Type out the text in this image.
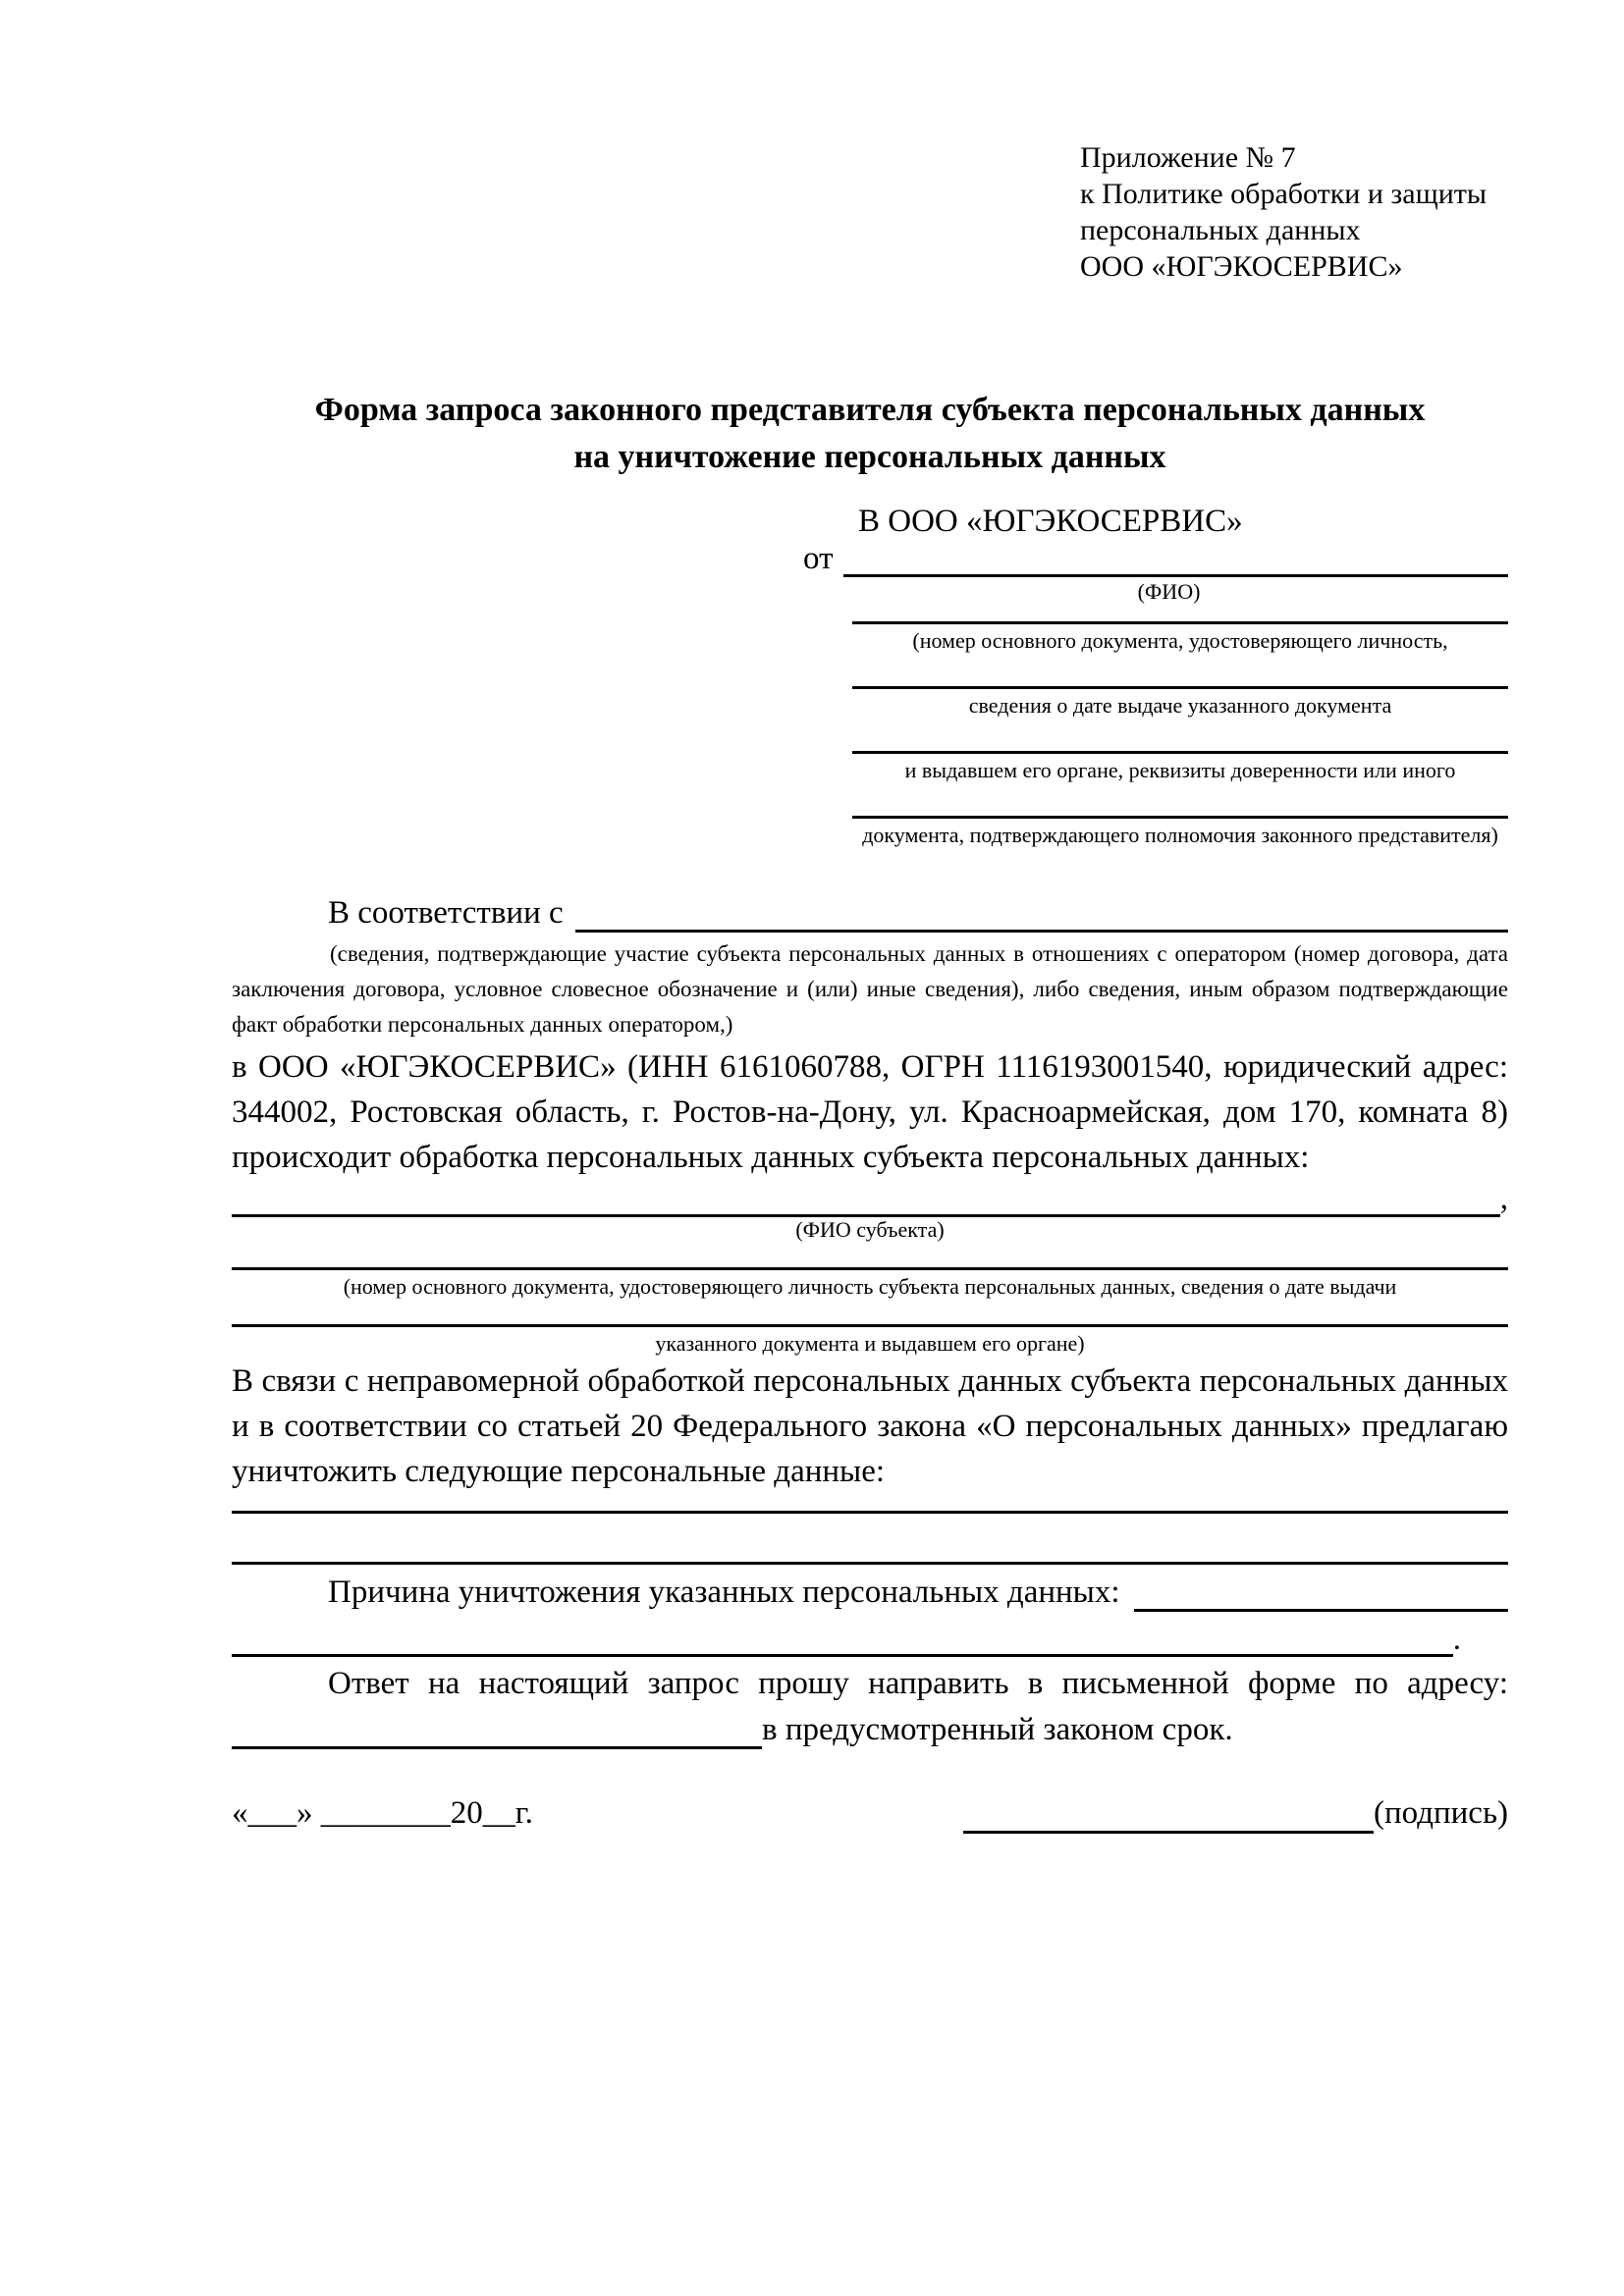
Приложение № 7
к Политике обработки и защиты
персональных данных
ООО «ЮГЭКОСЕРВИС»
Форма запроса законного представителя субъекта персональных данных
на уничтожение персональных данных
В ООО «ЮГЭКОСЕРВИС»
от
(ФИО)
(номер основного документа, удостоверяющего личность,
сведения о дате выдаче указанного документа
и выдавшем его органе, реквизиты доверенности или иного
документа, подтверждающего полномочия законного представителя)
В соответствии с

(сведения, подтверждающие участие субъекта персональных данных в отношениях с оператором (номер договора, дата заключения договора, условное словесное обозначение и (или) иные сведения), либо сведения, иным образом подтверждающие факт обработки персональных данных оператором,)

в ООО «ЮГЭКОСЕРВИС» (ИНН 6161060788, ОГРН 1116193001540, юридический адрес: 344002, Ростовская область, г. Ростов-на-Дону, ул. Красноармейская, дом 170, комната 8) происходит обработка персональных данных субъекта персональных данных:

,
(ФИО субъекта)
(номер основного документа, удостоверяющего личность субъекта персональных данных, сведения о дате выдачи
указанного документа и выдавшем его органе)

В связи с неправомерной обработкой персональных данных субъекта персональных данных и в соответствии со статьей 20 Федерального закона «О персональных данных» предлагаю уничтожить следующие персональные данные:

Причина уничтожения указанных персональных данных:
.

Ответ на настоящий запрос прошу направить в письменной форме по адресу:

в предусмотренный законом срок.
«___» ________20__г.	(подпись)
